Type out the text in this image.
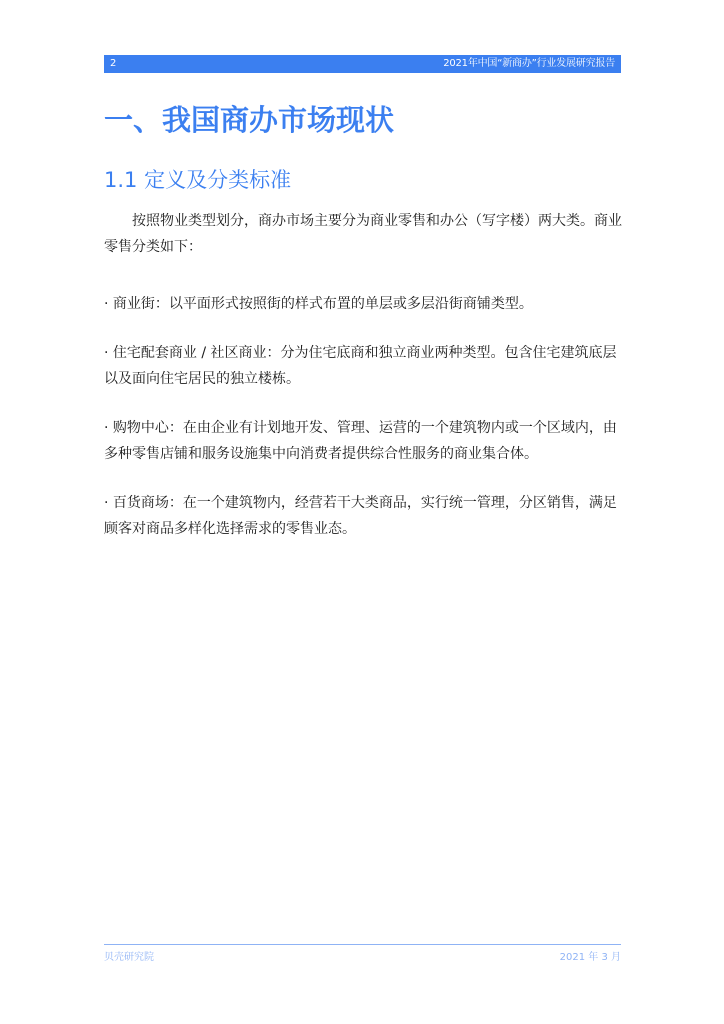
2	2021年中国“新商办”行业发展研究报告
一、我国商办市场现状
1.1 定义及分类标准

按照物业类型划分，商办市场主要分为商业零售和办公（写字楼）两大类。商业零售分类如下：

· 商业街：以平面形式按照街的样式布置的单层或多层沿街商铺类型。

· 住宅配套商业 / 社区商业：分为住宅底商和独立商业两种类型。包含住宅建筑底层以及面向住宅居民的独立楼栋。

· 购物中心：在由企业有计划地开发、管理、运营的一个建筑物内或一个区域内，由多种零售店铺和服务设施集中向消费者提供综合性服务的商业集合体。

· 百货商场：在一个建筑物内，经营若干大类商品，实行统一管理，分区销售，满足顾客对商品多样化选择需求的零售业态。

贝壳研究院	2021 年 3 月
